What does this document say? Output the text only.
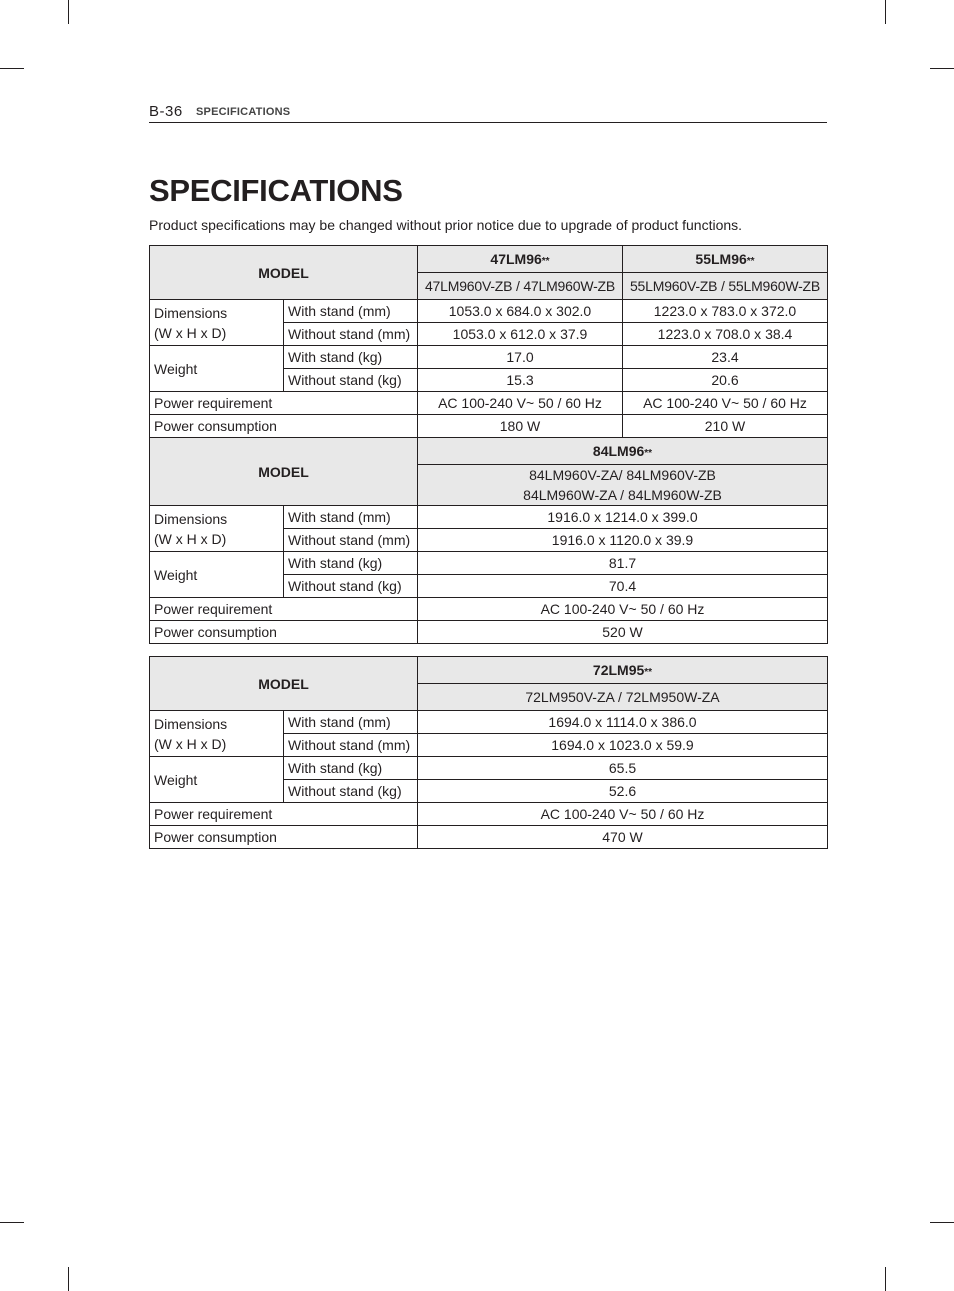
B-36 SPECIFICATIONS
SPECIFICATIONS
Product specifications may be changed without prior notice due to upgrade of product functions.
MODEL		47LM96**	55LM96**
		47LM960V-ZB / 47LM960W-ZB	55LM960V-ZB / 55LM960W-ZB

Dimensions
(W x H x D)	With stand (mm)	1053.0 x 684.0 x 302.0	1223.0 x 783.0 x 372.0
	Without stand (mm)	1053.0 x 612.0 x 37.9	1223.0 x 708.0 x 38.4
Weight	With stand (kg)	17.0	23.4
	Without stand (kg)	15.3	20.6
Power requirement		AC 100-240 V~ 50 / 60 Hz	AC 100-240 V~ 50 / 60 Hz
Power consumption		180 W	210 W
MODEL		84LM96**	

		84LM960V-ZA/ 84LM960V-ZB
84LM960W-ZA / 84LM960W-ZB	

Dimensions
(W x H x D)	With stand (mm)	1916.0 x 1214.0 x 399.0	
	Without stand (mm)	1916.0 x 1120.0 x 39.9	
Weight	With stand (kg)	81.7	
	Without stand (kg)	70.4	
Power requirement		AC 100-240 V~ 50 / 60 Hz	
Power consumption		520 W	
MODEL		72LM95**
		72LM950V-ZA / 72LM950W-ZA

Dimensions
(W x H x D)	With stand (mm)	1694.0 x 1114.0 x 386.0
	Without stand (mm)	1694.0 x 1023.0 x 59.9
Weight	With stand (kg)	65.5
	Without stand (kg)	52.6
Power requirement		AC 100-240 V~ 50 / 60 Hz
Power consumption		470 W
